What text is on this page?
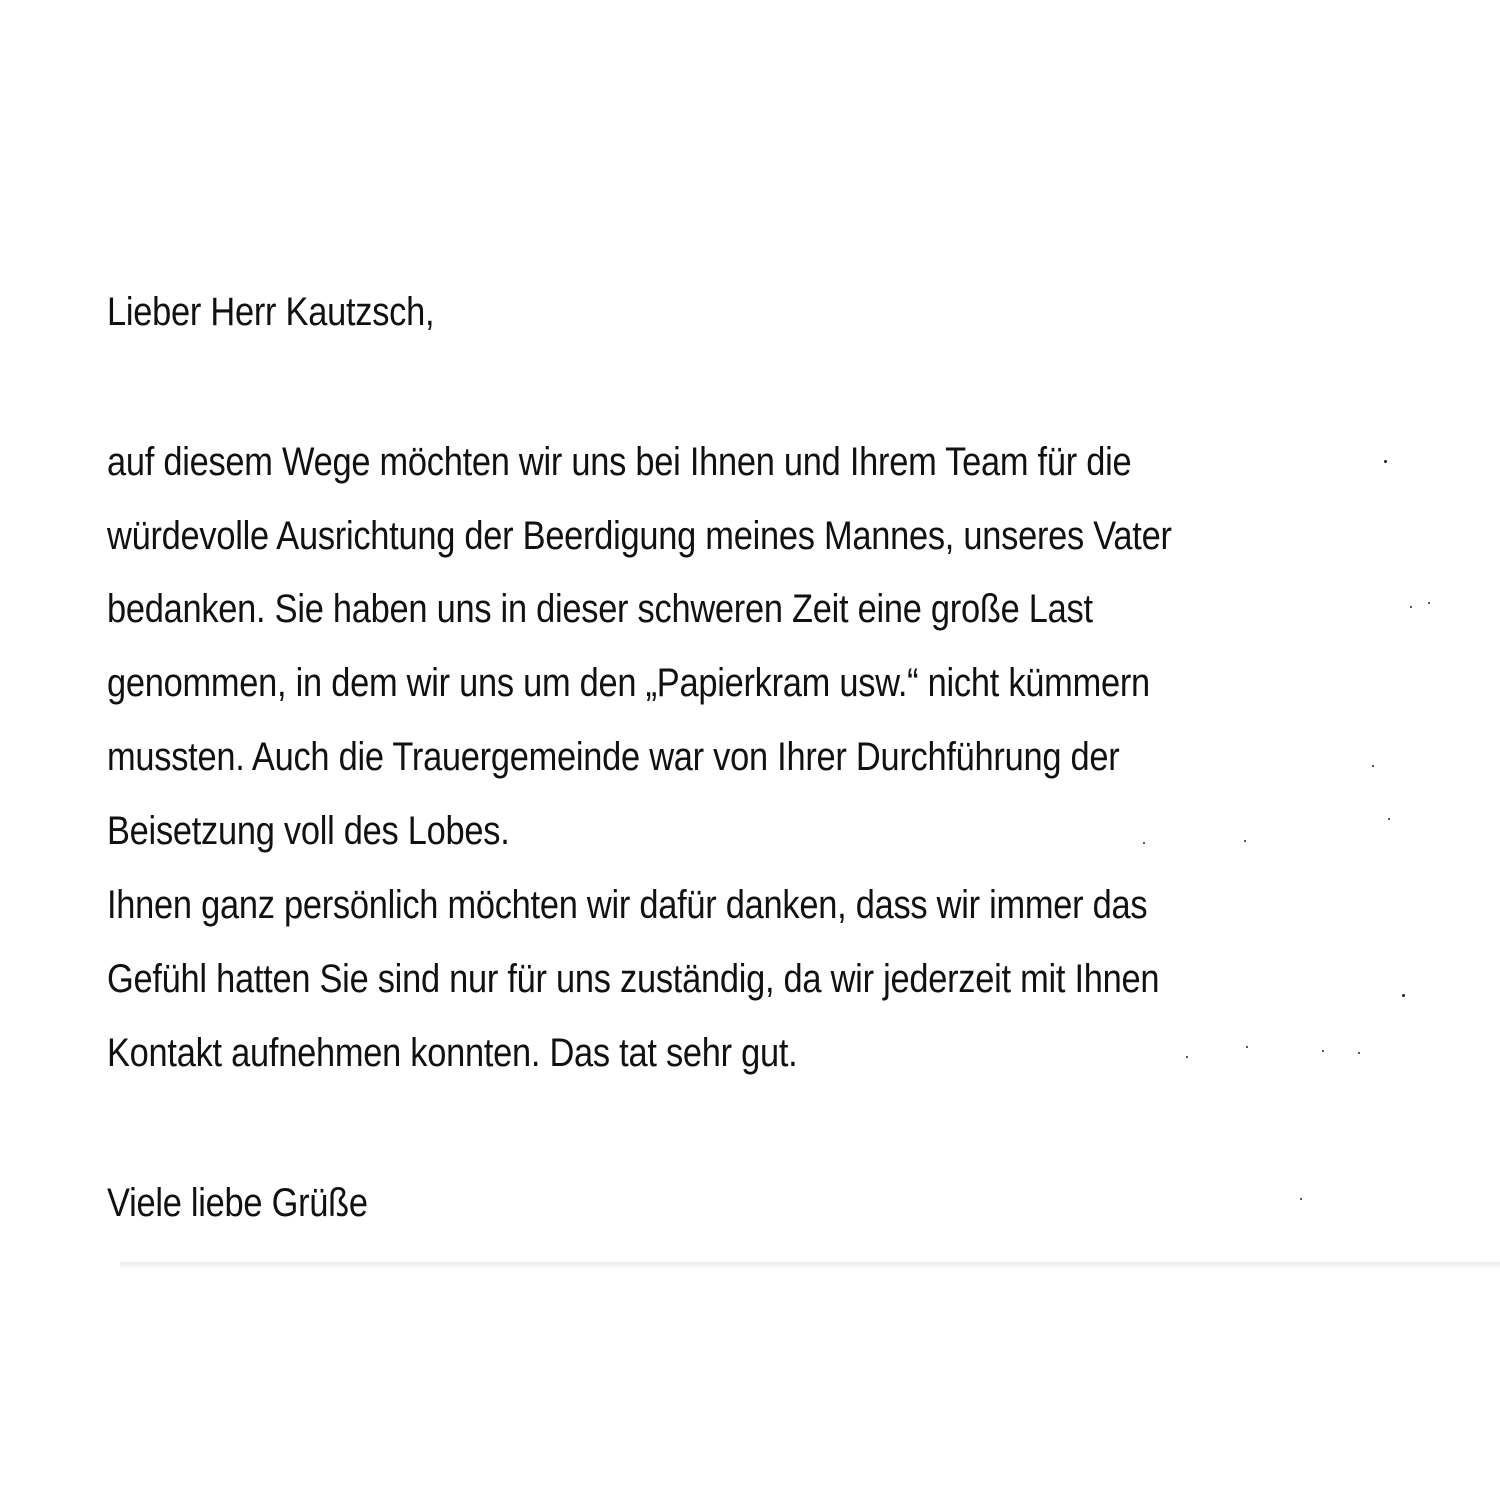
Lieber Herr Kautzsch,
auf diesem Wege möchten wir uns bei Ihnen und Ihrem Team für die
würdevolle Ausrichtung der Beerdigung meines Mannes, unseres Vater
bedanken. Sie haben uns in dieser schweren Zeit eine große Last
genommen, in dem wir uns um den „Papierkram usw.“ nicht kümmern
mussten. Auch die Trauergemeinde war von Ihrer Durchführung der
Beisetzung voll des Lobes.
Ihnen ganz persönlich möchten wir dafür danken, dass wir immer das
Gefühl hatten Sie sind nur für uns zuständig, da wir jederzeit mit Ihnen
Kontakt aufnehmen konnten. Das tat sehr gut.
Viele liebe Grüße
